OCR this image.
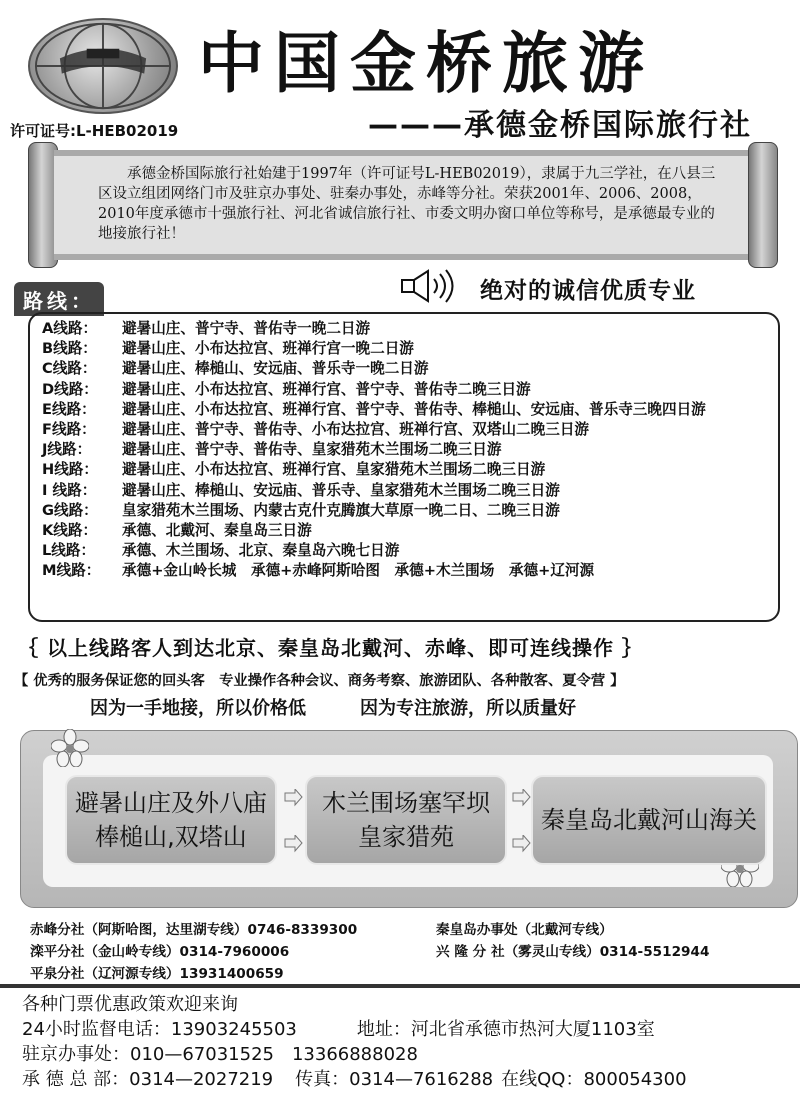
中国金桥旅游
许可证号:L-HEB02019	———承德金桥国际旅行社

承德金桥国际旅行社始建于1997年（许可证号L-HEB02019），隶属于九三学社，在八县三区设立组团网络门市及驻京办事处、驻秦办事处，赤峰等分社。荣获2001年、2006、2008，2010年度承德市十强旅行社、河北省诚信旅行社、市委文明办窗口单位等称号，是承德最专业的地接旅行社！

路线：	绝对的诚信优质专业
A线路：	避暑山庄、普宁寺、普佑寺一晚二日游
B线路：	避暑山庄、小布达拉宫、班禅行宫一晚二日游
C线路：	避暑山庄、棒槌山、安远庙、普乐寺一晚二日游
D线路：	避暑山庄、小布达拉宫、班禅行宫、普宁寺、普佑寺二晚三日游
E线路：	避暑山庄、小布达拉宫、班禅行宫、普宁寺、普佑寺、棒槌山、安远庙、普乐寺三晚四日游
F线路：	避暑山庄、普宁寺、普佑寺、小布达拉宫、班禅行宫、双塔山二晚三日游
J线路：	避暑山庄、普宁寺、普佑寺、皇家猎苑木兰围场二晚三日游
H线路：	避暑山庄、小布达拉宫、班禅行宫、皇家猎苑木兰围场二晚三日游
I 线路：	避暑山庄、棒槌山、安远庙、普乐寺、皇家猎苑木兰围场二晚三日游
G线路：	皇家猎苑木兰围场、内蒙古克什克腾旗大草原一晚二日、二晚三日游
K线路：	承德、北戴河、秦皇岛三日游
L线路：	承德、木兰围场、北京、秦皇岛六晚七日游
M线路：	承德+金山岭长城　承德+赤峰阿斯哈图　承德+木兰围场　承德+辽河源
｛ 以上线路客人到达北京、秦皇岛北戴河、赤峰、即可连线操作 ｝
【 优秀的服务保证您的回头客　专业操作各种会议、商务考察、旅游团队、各种散客、夏令营 】
因为一手地接，所以价格低	因为专注旅游，所以质量好
避暑山庄及外八庙
棒槌山,双塔山
木兰围场塞罕坝
皇家猎苑
秦皇岛北戴河山海关
赤峰分社（阿斯哈图，达里湖专线）0746-8339300	秦皇岛办事处（北戴河专线）
滦平分社（金山岭专线）0314-7960006	兴 隆 分 社（雾灵山专线）0314-5512944
平泉分社（辽河源专线）13931400659
各种门票优惠政策欢迎来询
24小时监督电话：13903245503	地址：河北省承德市热河大厦1103室
驻京办事处：010—67031525　13366888028
承 德 总 部：0314—2027219 传真：0314—7616288 在线QQ：800054300
